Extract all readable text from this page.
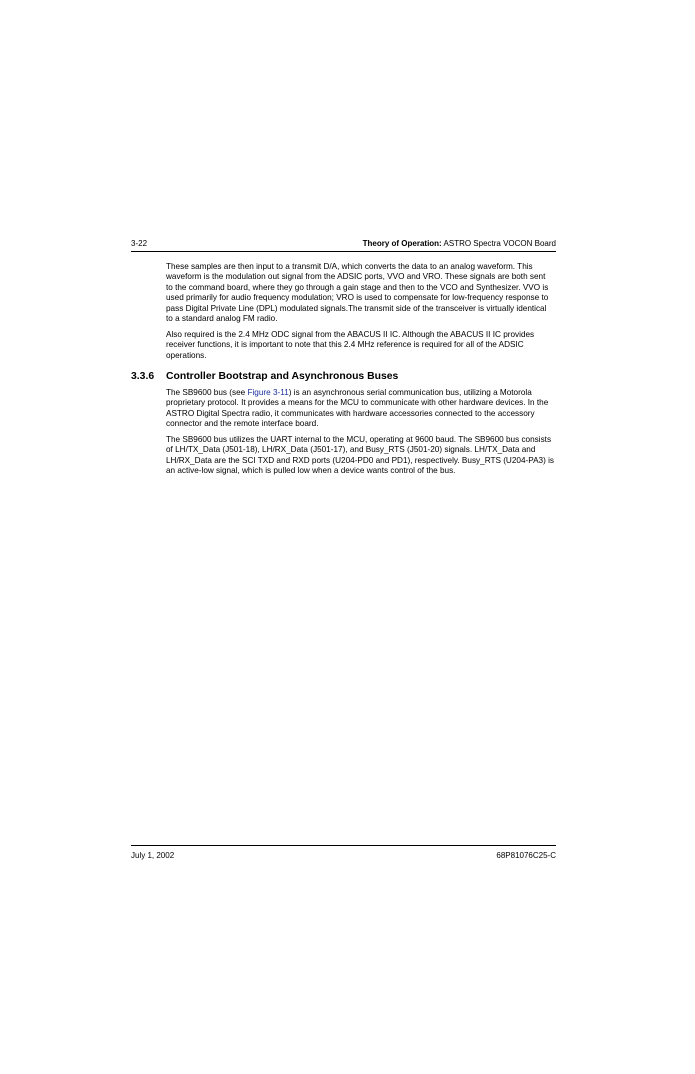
3-22	Theory of Operation: ASTRO Spectra VOCON Board

These samples are then input to a transmit D/A, which converts the data to an analog waveform. This waveform is the modulation out signal from the ADSIC ports, VVO and VRO. These signals are both sent to the command board, where they go through a gain stage and then to the VCO and Synthesizer. VVO is used primarily for audio frequency modulation; VRO is used to compensate for low-frequency response to pass Digital Private Line (DPL) modulated signals.The transmit side of the transceiver is virtually identical to a standard analog FM radio.

Also required is the 2.4 MHz ODC signal from the ABACUS II IC. Although the ABACUS II IC provides receiver functions, it is important to note that this 2.4 MHz reference is required for all of the ADSIC operations.

3.3.6 Controller Bootstrap and Asynchronous Buses

The SB9600 bus (see Figure 3-11) is an asynchronous serial communication bus, utilizing a Motorola proprietary protocol. It provides a means for the MCU to communicate with other hardware devices. In the ASTRO Digital Spectra radio, it communicates with hardware accessories connected to the accessory connector and the remote interface board.

The SB9600 bus utilizes the UART internal to the MCU, operating at 9600 baud. The SB9600 bus consists of LH/TX_Data (J501-18), LH/RX_Data (J501-17), and Busy_RTS (J501-20) signals. LH/TX_Data and LH/RX_Data are the SCI TXD and RXD ports (U204-PD0 and PD1), respectively. Busy_RTS (U204-PA3) is an active-low signal, which is pulled low when a device wants control of the bus.

July 1, 2002	68P81076C25-C
